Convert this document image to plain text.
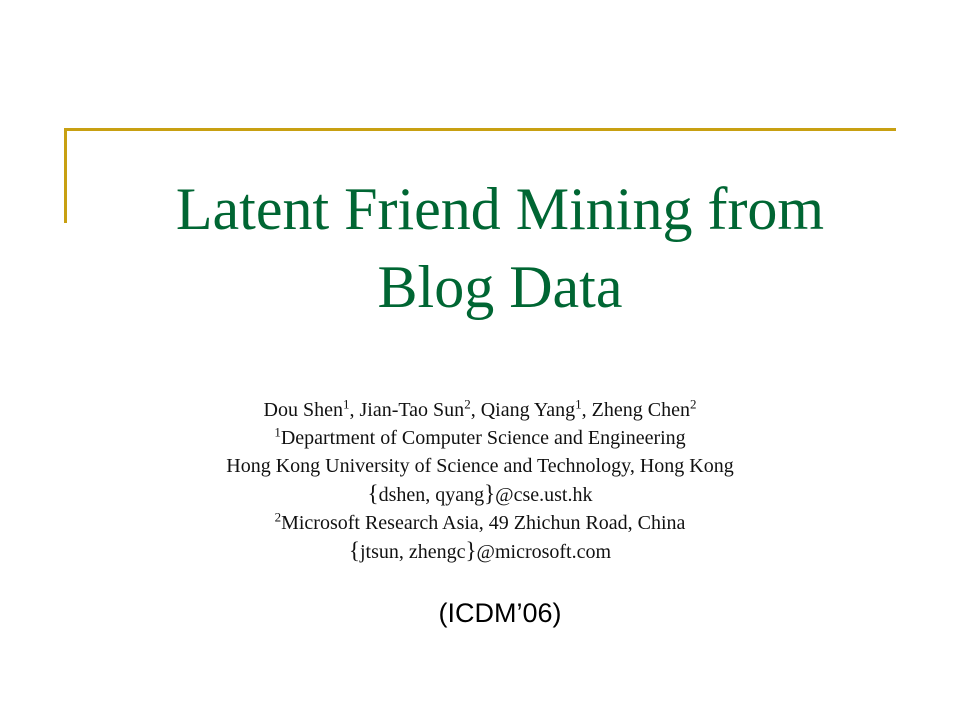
Latent Friend Mining from
Blog Data
Dou Shen$^1$, Jian-Tao Sun$^2$, Qiang Yang$^1$, Zheng Chen$^2$
$^1$Department of Computer Science and Engineering
Hong Kong University of Science and Technology, Hong Kong
{dshen, qyang}@cse.ust.hk
$^2$Microsoft Research Asia, 49 Zhichun Road, China
{jtsun, zhengc}@microsoft.com
(ICDM’06)
